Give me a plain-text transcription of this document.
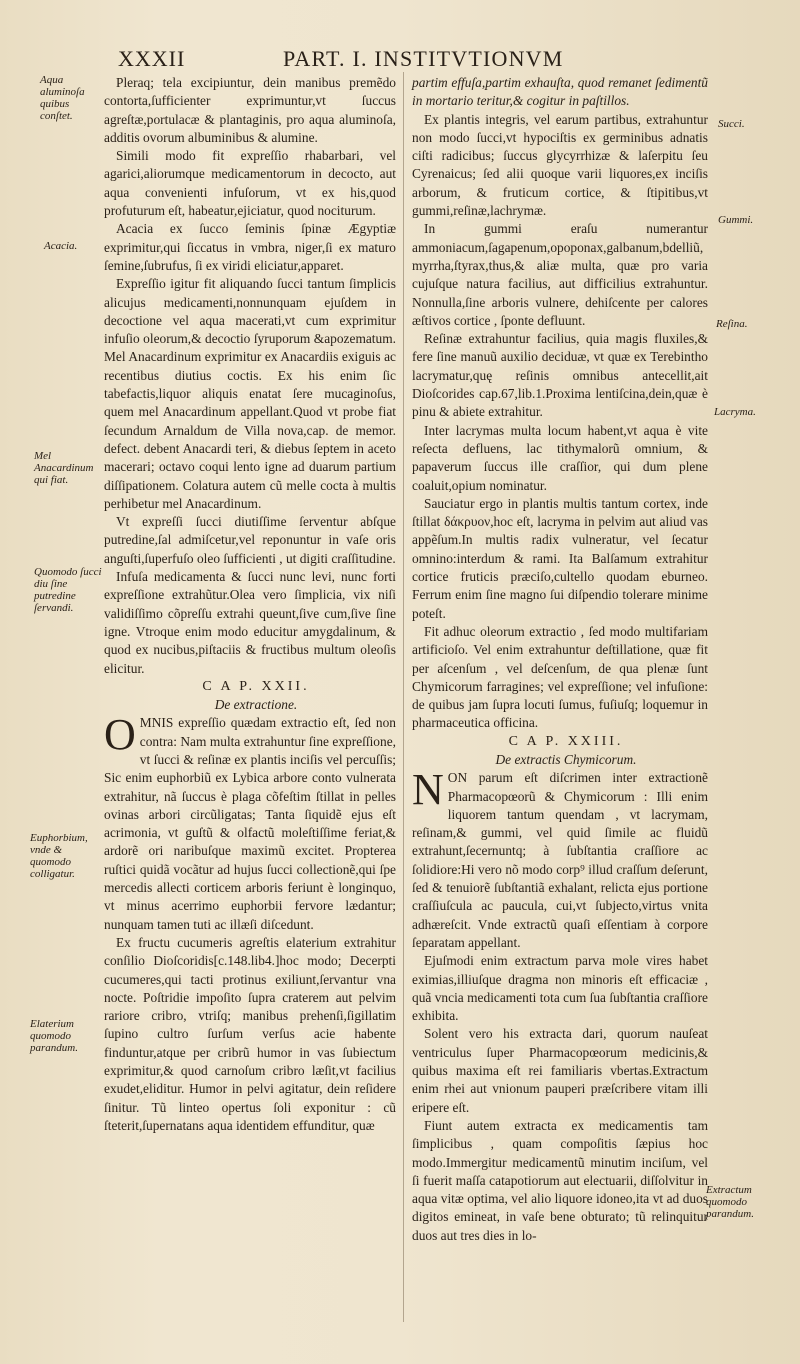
XXXII	PART. I. INSTITVTIONVM

Pleraq; tela excipiuntur, dein manibus premẽdo contorta,ſufficienter exprimuntur,vt ſuccus agreſtæ,portulacæ & plantaginis, pro aqua aluminoſa, additis ovorum albuminibus & alumine.

Simili modo fit expreſſio rhabarbari, vel agarici,aliorumque medicamentorum in decocto, aut aqua convenienti infuſorum, vt ex his,quod profuturum eſt, habeatur,ejiciatur, quod nociturum.

Acacia ex ſucco ſeminis ſpinæ Ægyptiæ exprimitur,qui ſiccatus in vmbra, niger,ſi ex maturo ſemine,ſubrufus, ſi ex viridi eliciatur,apparet.

Expreſſio igitur fit aliquando ſucci tantum ſimplicis alicujus medicamenti,nonnunquam ejuſdem in decoctione vel aqua macerati,vt cum exprimitur infuſio oleorum,& decoctio ſyruporum &apozematum. Mel Anacardinum exprimitur ex Anacardiis exiguis ac recentibus diutius coctis. Ex his enim ſic tabefactis,liquor aliquis enatat ſere mucaginoſus, quem mel Anacardinum appellant.Quod vt probe fiat ſecundum Arnaldum de Villa nova,cap. de memor. defect. debent Anacardi teri, & diebus ſeptem in aceto macerari; octavo coqui lento igne ad duarum partium diſſipationem. Colatura autem cũ melle cocta à multis perhibetur mel Anacardinum.

Vt expreſſi ſucci diutiſſime ſerventur abſque putredine,ſal admiſcetur,vel reponuntur in vaſe oris anguſti,ſuperfuſo oleo ſufficienti , ut digiti craſſitudine.

Infuſa medicamenta & ſucci nunc levi, nunc forti expreſſione extrahũtur.Olea vero ſimplicia, vix niſi validiſſimo cõpreſſu extrahi queunt,ſive cum,ſive ſine igne. Vtroque enim modo educitur amygdalinum, & quod ex nucibus,piſtaciis & fructibus multum oleoſis elicitur.

C A P. XXII.

De extractione.

OMNIS expreſſio quædam extractio eſt, ſed non contra: Nam multa extrahuntur ſine expreſſione, vt ſucci & reſinæ ex plantis inciſis vel percuſſis; Sic enim euphorbiũ ex Lybica arbore conto vulnerata extrahitur, nã ſuccus è plaga cõfeſtim ſtillat in pelles ovinas arbori circũligatas; Tanta ſiquidẽ ejus eſt acrimonia, vt guſtũ & olfactũ moleſtiſſime feriat,& ardorẽ ori naribuſque maximũ excitet. Propterea ruſtici quidã vocãtur ad hujus ſucci collectionẽ,qui ſpe mercedis allecti corticem arboris feriunt è longinquo, vt minus acerrimo euphorbii fervore lædantur; nunquam tamen tuti ac illæſi diſcedunt.

Ex fructu cucumeris agreſtis elaterium extrahitur conſilio Dioſcoridis[c.148.lib4.]hoc modo; Decerpti cucumeres,qui tacti protinus exiliunt,ſervantur vna nocte. Poſtridie impoſito ſupra craterem aut pelvim rariore cribro, vtriſq; manibus prehenſi,ſigillatim ſupino cultro ſurſum verſus acie habente finduntur,atque per cribrũ humor in vas ſubiectum exprimitur,& quod carnoſum cribro læſit,vt facilius exudet,eliditur. Humor in pelvi agitatur, dein reſidere ſinitur. Tũ linteo opertus ſoli exponitur : cũ ſteterit,ſupernatans aqua identidem effunditur, quæ

partim effuſa,partim exhauſta, quod remanet ſedimentũ in mortario teritur,& cogitur in paſtillos.

Ex plantis integris, vel earum partibus, extrahuntur non modo ſucci,vt hypociſtis ex germinibus adnatis ciſti radicibus; ſuccus glycyrrhizæ & laſerpitu ſeu Cyrenaicus; ſed alii quoque varii liquores,ex inciſis arborum, & fruticum cortice, & ſtipitibus,vt gummi,reſinæ,lachrymæ.

In gummi eraſu numerantur ammoniacum,ſagapenum,opoponax,galbanum,bdelliũ, myrrha,ſtyrax,thus,& aliæ multa, quæ pro varia cujuſque natura facilius, aut difficilius extrahuntur. Nonnulla,ſine arboris vulnere, dehiſcente per calores æſtivos cortice , ſponte defluunt.

Reſinæ extrahuntur facilius, quia magis fluxiles,& fere ſine manuũ auxilio deciduæ, vt quæ ex Terebintho lacrymatur,quę reſinis omnibus antecellit,ait Dioſcorides cap.67,lib.1.Proxima lentiſcina,dein,quæ è pinu & abiete extrahitur.

Inter lacrymas multa locum habent,vt aqua è vite reſecta defluens, lac tithymalorũ omnium, & papaverum ſuccus ille craſſior, qui dum plene coaluit,opium nominatur.

Sauciatur ergo in plantis multis tantum cortex, inde ſtillat δάκρυον,hoc eſt, lacryma in pelvim aut aliud vas appẽſum.In multis radix vulneratur, vel ſecatur omnino:interdum & rami. Ita Balſamum extrahitur cortice fruticis præciſo,cultello quodam eburneo. Ferrum enim ſine magno ſui diſpendio tolerare minime poteſt.

Fit adhuc oleorum extractio , ſed modo multifariam artificioſo. Vel enim extrahuntur deſtillatione, quæ fit per aſcenſum , vel deſcenſum, de qua plenæ ſunt Chymicorum farragines; vel expreſſione; vel infuſione: de quibus jam ſupra locuti ſumus, fuſiuſq; loquemur in pharmaceutica officina.

C A P. XXIII.

De extractis Chymicorum.

NON parum eſt diſcrimen inter extractionẽ Pharmacopœorũ & Chymicorum : Illi enim liquorem tantum quendam , vt lacrymam, reſinam,& gummi, vel quid ſimile ac fluidũ extrahunt,ſecernuntq; à ſubſtantia craſſiore ac ſolidiore:Hi vero nõ modo corp⁹ illud craſſum deſerunt, ſed & tenuiorẽ ſubſtantiã exhalant, relicta ejus portione craſſiuſcula ac paucula, cui,vt ſubjecto,virtus vnita adhæreſcit. Vnde extractũ quaſi eſſentiam à corpore ſeparatam appellant.

Ejuſmodi enim extractum parva mole vires habet eximias,illiuſque dragma non minoris eſt efficaciæ , quã vncia medicamenti tota cum ſua ſubſtantia craſſiore exhibita.

Solent vero his extracta dari, quorum nauſeat ventriculus ſuper Pharmacopœorum medicinis,& quibus maxima eſt rei familiaris vbertas.Extractum enim rhei aut vnionum pauperi præſcribere vitam illi eripere eſt.

Fiunt autem extracta ex medicamentis tam ſimplicibus , quam compoſitis ſæpius hoc modo.Immergitur medicamentũ minutim inciſum, vel ſi fuerit maſſa catapotiorum aut electuarii, diſſolvitur in aqua vitæ optima, vel alio liquore idoneo,ita vt ad duos digitos emineat, in vaſe bene obturato; tũ relinquitur duos aut tres dies in lo-

Aqua aluminoſa quibus conſtet.
Acacia.
Mel Anacardinum qui fiat.
Quomodo ſucci diu ſine putredine ſervandi.
Euphorbium, vnde & quomodo colligatur.
Elaterium quomodo parandum.
Succi.
Gummi.
Reſina.
Lacryma.
Extractum quomodo parandum.
